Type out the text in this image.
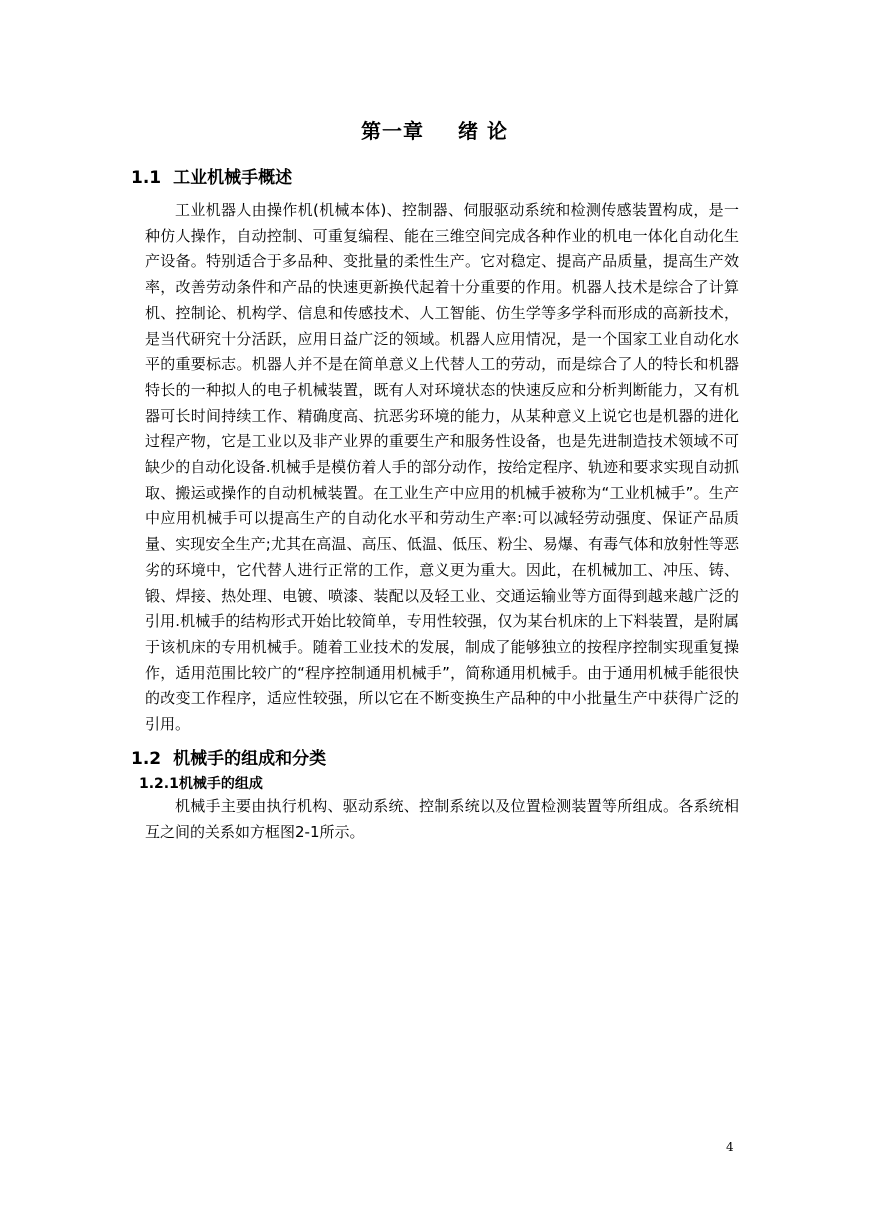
第一章 绪 论
1.1 工业机械手概述

工业机器人由操作机(机械本体)、控制器、伺服驱动系统和检测传感装置构成，是一种仿人操作，自动控制、可重复编程、能在三维空间完成各种作业的机电一体化自动化生产设备。特别适合于多品种、变批量的柔性生产。它对稳定、提高产品质量，提高生产效率，改善劳动条件和产品的快速更新换代起着十分重要的作用。机器人技术是综合了计算机、控制论、机构学、信息和传感技术、人工智能、仿生学等多学科而形成的高新技术，是当代研究十分活跃，应用日益广泛的领域。机器人应用情况，是一个国家工业自动化水平的重要标志。机器人并不是在简单意义上代替人工的劳动，而是综合了人的特长和机器特长的一种拟人的电子机械装置，既有人对环境状态的快速反应和分析判断能力，又有机器可长时间持续工作、精确度高、抗恶劣环境的能力，从某种意义上说它也是机器的进化过程产物，它是工业以及非产业界的重要生产和服务性设备，也是先进制造技术领域不可缺少的自动化设备.机械手是模仿着人手的部分动作，按给定程序、轨迹和要求实现自动抓取、搬运或操作的自动机械装置。在工业生产中应用的机械手被称为“工业机械手”。生产中应用机械手可以提高生产的自动化水平和劳动生产率:可以减轻劳动强度、保证产品质量、实现安全生产;尤其在高温、高压、低温、低压、粉尘、易爆、有毒气体和放射性等恶劣的环境中，它代替人进行正常的工作，意义更为重大。因此，在机械加工、冲压、铸、锻、焊接、热处理、电镀、喷漆、装配以及轻工业、交通运输业等方面得到越来越广泛的引用.机械手的结构形式开始比较简单，专用性较强，仅为某台机床的上下料装置，是附属于该机床的专用机械手。随着工业技术的发展，制成了能够独立的按程序控制实现重复操作，适用范围比较广的“程序控制通用机械手”，简称通用机械手。由于通用机械手能很快的改变工作程序，适应性较强，所以它在不断变换生产品种的中小批量生产中获得广泛的引用。

1.2 机械手的组成和分类
1.2.1机械手的组成

机械手主要由执行机构、驱动系统、控制系统以及位置检测装置等所组成。各系统相互之间的关系如方框图2-1所示。

4
